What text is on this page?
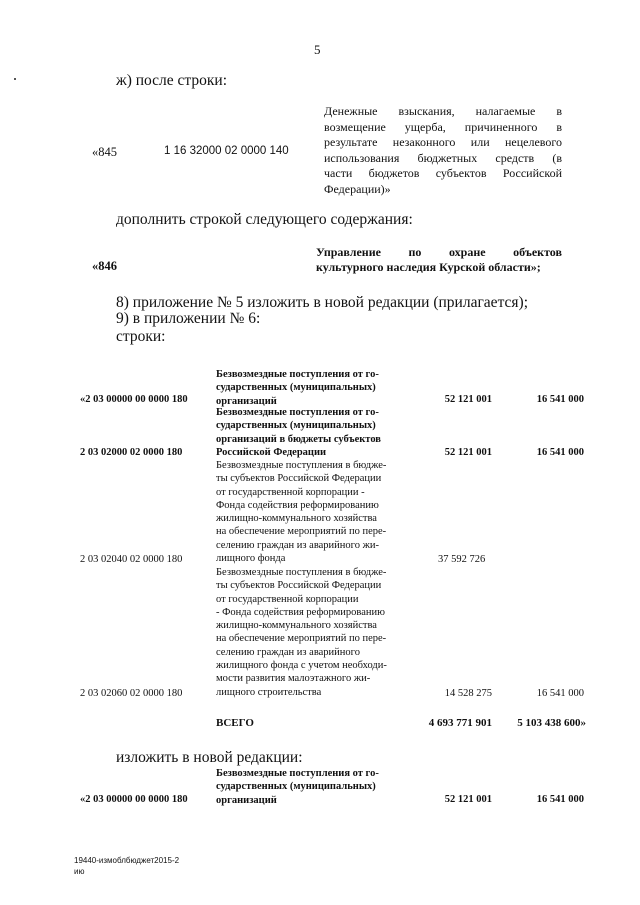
5
ж) после строки:
«845	1 16 32000 02 0000 140
Денежные взыскания, налагаемые в
возмещение ущерба, причиненного в
результате незаконного или нецелевого
использования бюджетных средств (в
части бюджетов субъектов Российской
Федерации)»
дополнить строкой следующего содержания:
«846
Управление по охране объектов
культурного наследия Курской области»;
8) приложение № 5 изложить в новой редакции (прилагается);
9) в приложении № 6:
строки:
Безвозмездные поступления от го-
сударственных (муниципальных)
организаций
«2 03 00000 00 0000 180	52 121 001	16 541 000
Безвозмездные поступления от го-
сударственных (муниципальных)
организаций в бюджеты субъектов
Российской Федерации
2 03 02000 02 0000 180	52 121 001	16 541 000
Безвозмездные поступления в бюдже-
ты субъектов Российской Федерации
от государственной корпорации -
Фонда содействия реформированию
жилищно-коммунального хозяйства
на обеспечение мероприятий по пере-
селению граждан из аварийного жи-
лищного фонда
2 03 02040 02 0000 180	37 592 726
Безвозмездные поступления в бюдже-
ты субъектов Российской Федерации
от государственной корпорации
- Фонда содействия реформированию
жилищно-коммунального хозяйства
на обеспечение мероприятий по пере-
селению граждан из аварийного
жилищного фонда с учетом необходи-
мости развития малоэтажного жи-
лищного строительства
2 03 02060 02 0000 180	14 528 275	16 541 000
ВСЕГО	4 693 771 901	5 103 438 600»
изложить в новой редакции:
Безвозмездные поступления от го-
сударственных (муниципальных)
организаций
«2 03 00000 00 0000 180	52 121 001	16 541 000
19440-измоблбюджет2015-2
ию
